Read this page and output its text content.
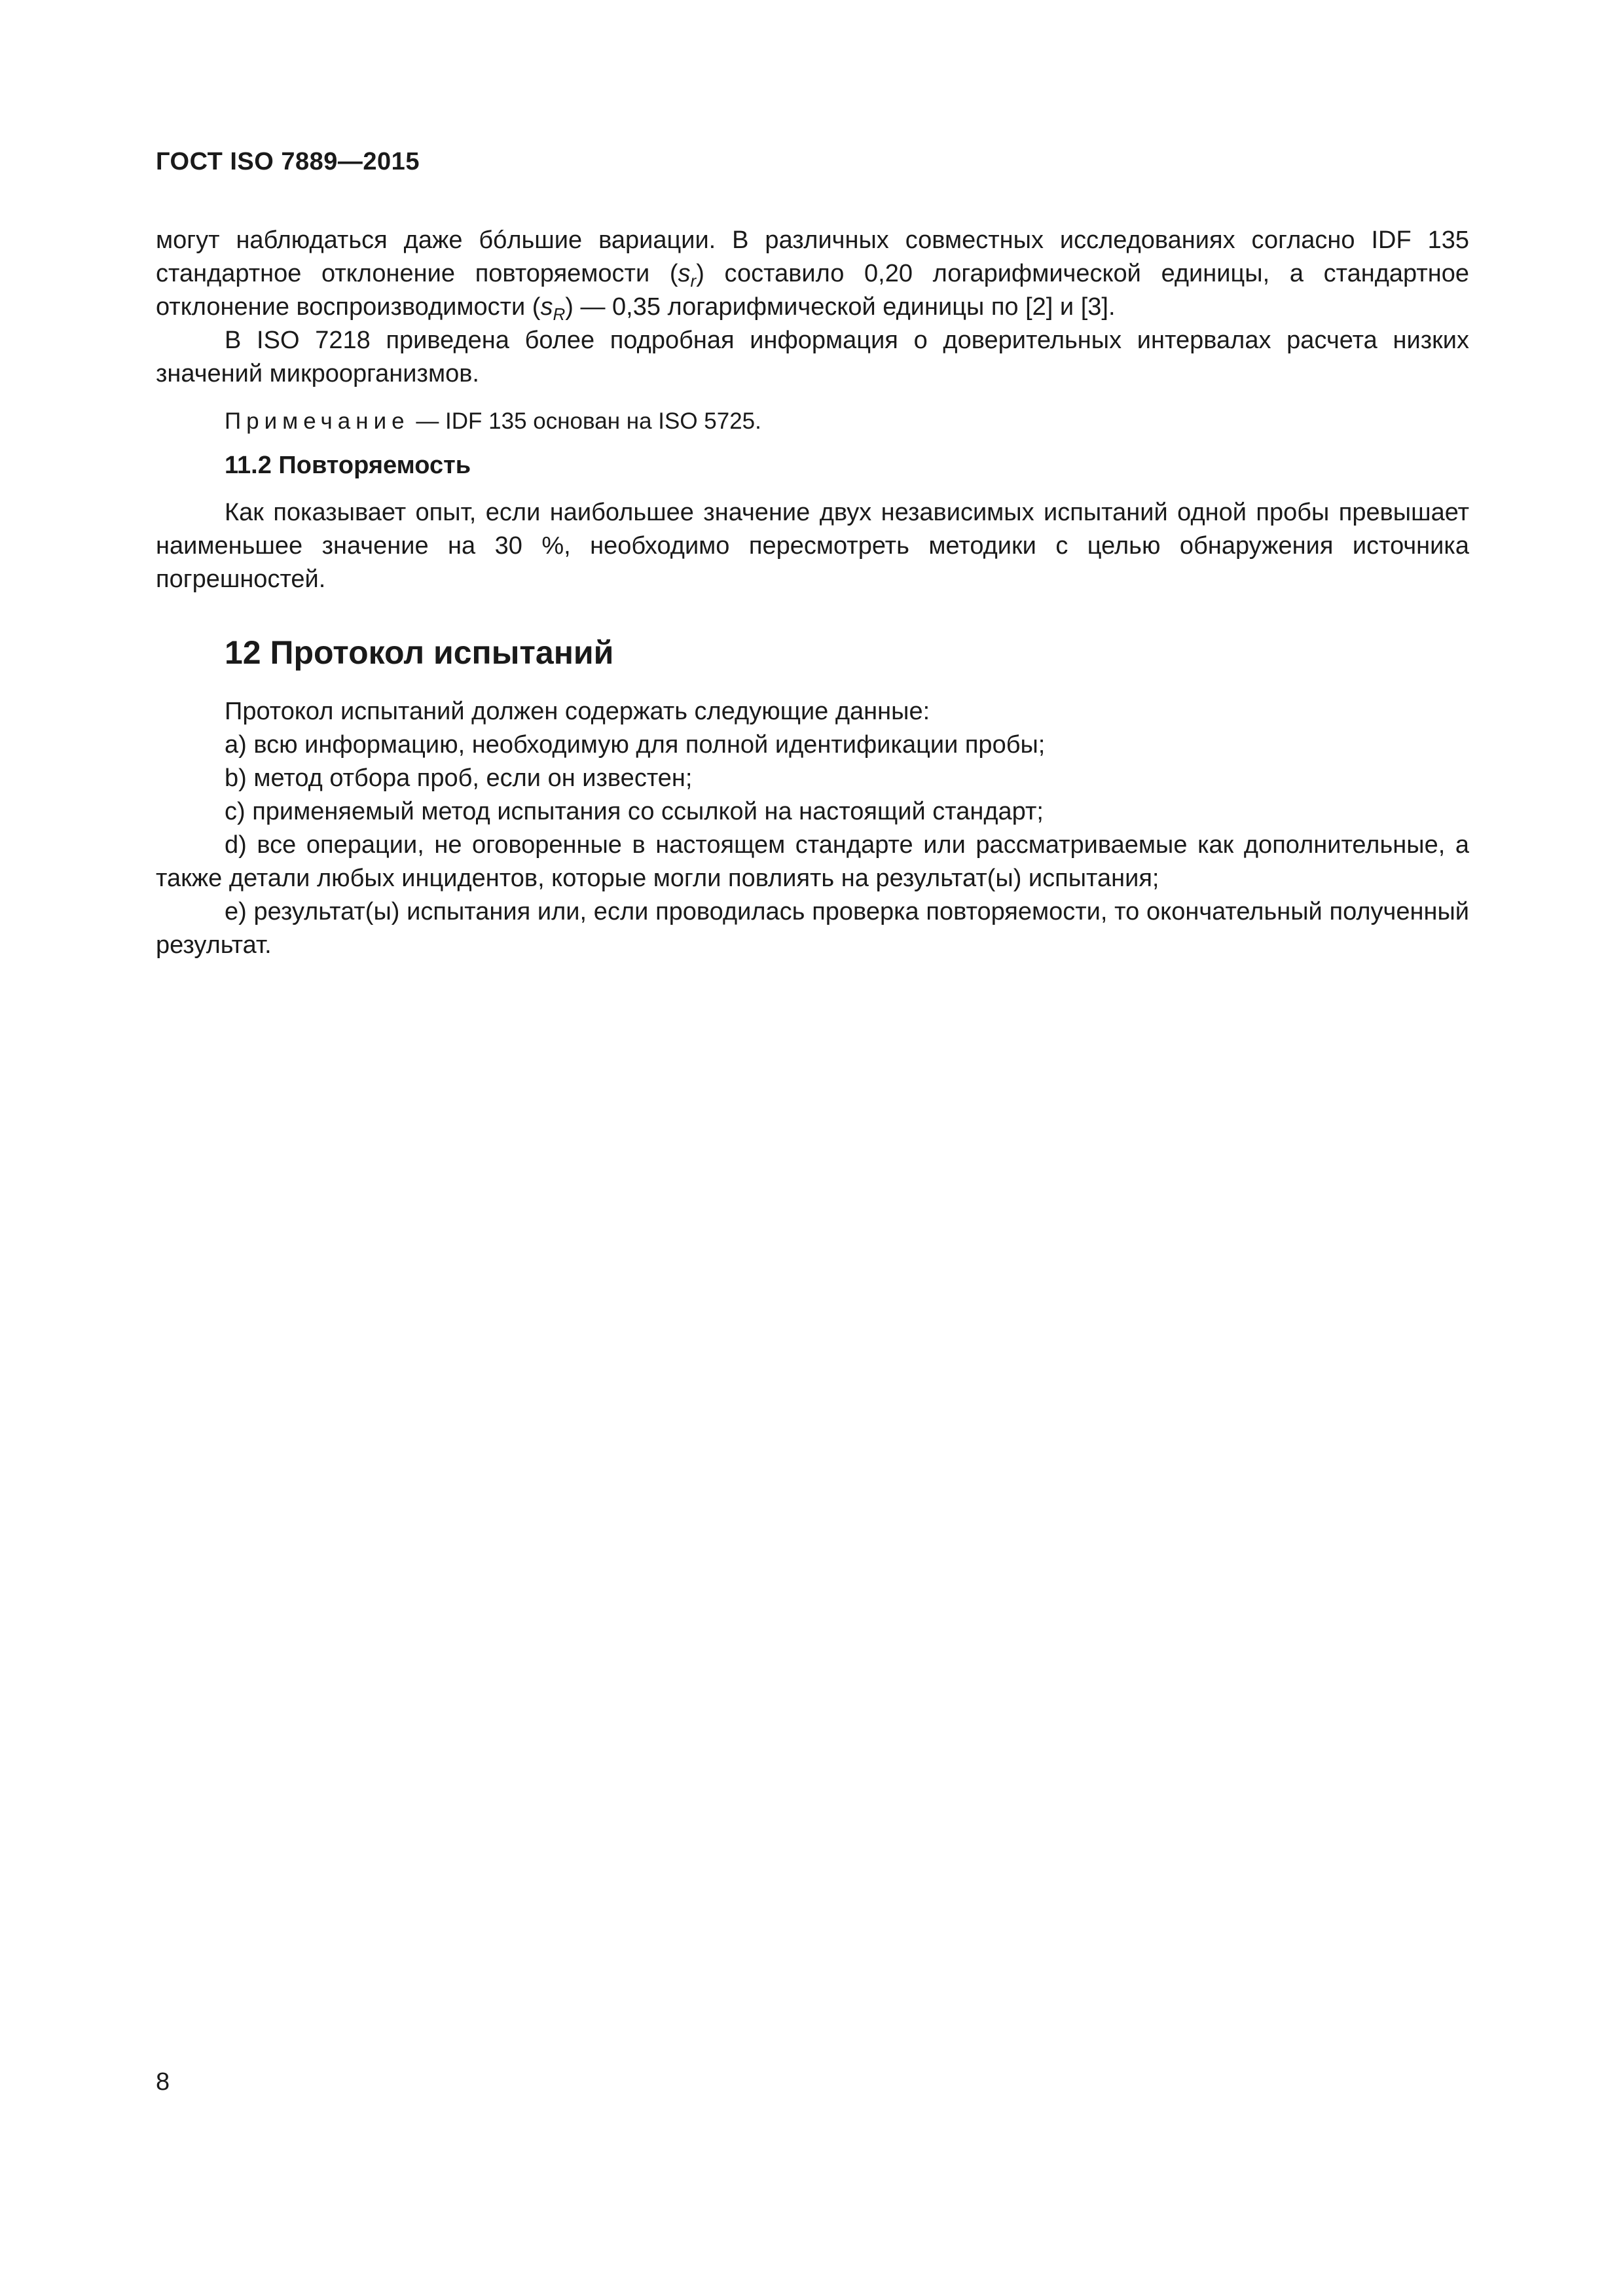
ГОСТ ISO 7889—2015

могут наблюдаться даже бóльшие вариации. В различных совместных исследованиях согласно IDF 135 стандартное отклонение повторяемости $(s_r)$ составило 0,20 логарифмической единицы, а стандартное отклонение воспроизводимости $(s_R)$ — 0,35 логарифмической единицы по [2] и [3].

В ISO 7218 приведена более подробная информация о доверительных интервалах расчета низких значений микроорганизмов.

Примечание — IDF 135 основан на ISO 5725.
11.2 Повторяемость

Как показывает опыт, если наибольшее значение двух независимых испытаний одной пробы превышает наименьшее значение на 30 %, необходимо пересмотреть методики с целью обнаружения источника погрешностей.

12 Протокол испытаний

Протокол испытаний должен содержать следующие данные:

a) всю информацию, необходимую для полной идентификации пробы;

b) метод отбора проб, если он известен;

c) применяемый метод испытания со ссылкой на настоящий стандарт;

d) все операции, не оговоренные в настоящем стандарте или рассматриваемые как дополнительные, а также детали любых инцидентов, которые могли повлиять на результат(ы) испытания;

e) результат(ы) испытания или, если проводилась проверка повторяемости, то окончательный полученный результат.

8
